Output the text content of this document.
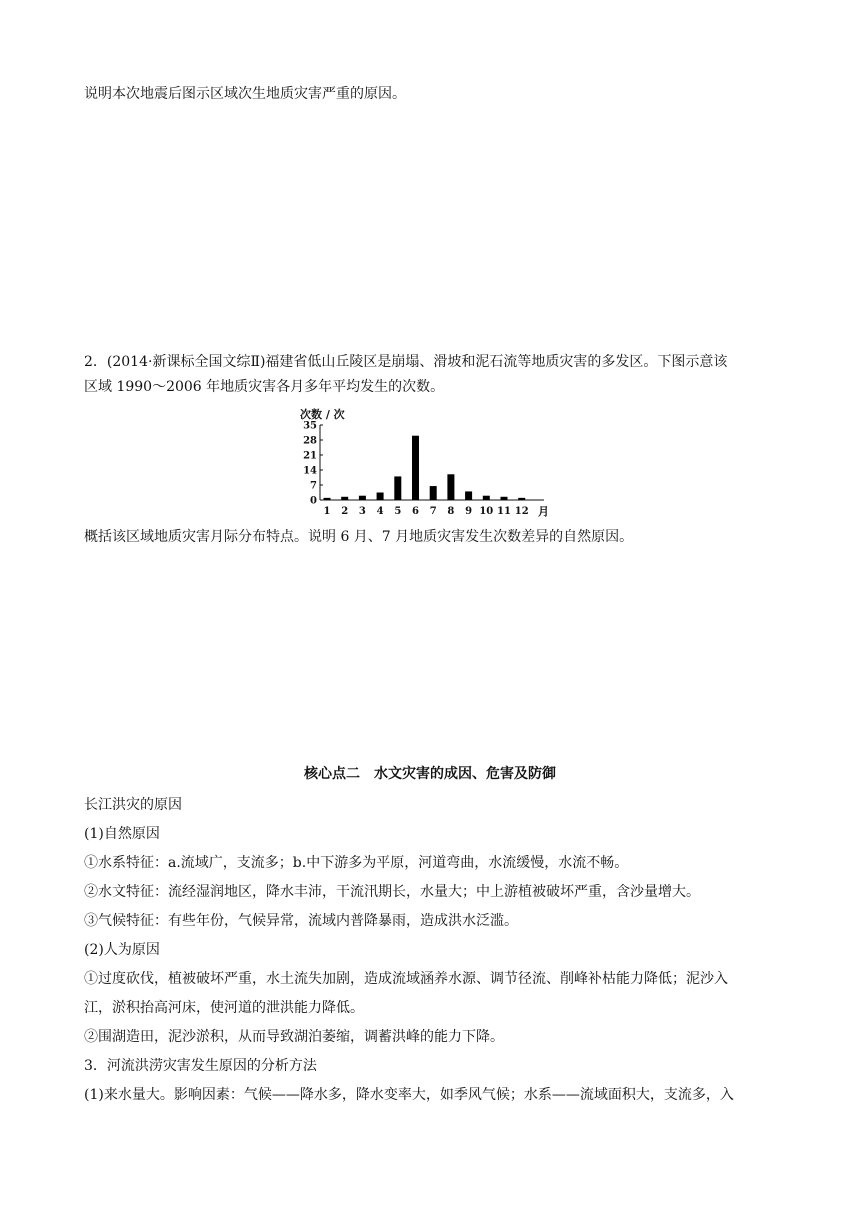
说明本次地震后图示区域次生地质灾害严重的原因。
2．(2014·新课标全国文综Ⅱ)福建省低山丘陵区是崩塌、滑坡和泥石流等地质灾害的多发区。下图示意该
区域 1990～2006 年地质灾害各月多年平均发生的次数。
次数 / 次
0
7
14
21
28
35
1 2 3 4 5 6 7 8 9 10 11 12 月
概括该区域地质灾害月际分布特点。说明 6 月、7 月地质灾害发生次数差异的自然原因。
核心点二　水文灾害的成因、危害及防御
长江洪灾的原因
(1)自然原因
①水系特征：a.流域广，支流多；b.中下游多为平原，河道弯曲，水流缓慢，水流不畅。
②水文特征：流经湿润地区，降水丰沛，干流汛期长，水量大；中上游植被破坏严重，含沙量增大。
③气候特征：有些年份，气候异常，流域内普降暴雨，造成洪水泛滥。
(2)人为原因
①过度砍伐，植被破坏严重，水土流失加剧，造成流域涵养水源、调节径流、削峰补枯能力降低；泥沙入
江，淤积抬高河床，使河道的泄洪能力降低。
②围湖造田，泥沙淤积，从而导致湖泊萎缩，调蓄洪峰的能力下降。
3．河流洪涝灾害发生原因的分析方法
(1)来水量大。影响因素：气候——降水多，降水变率大，如季风气候；水系——流域面积大，支流多，入
